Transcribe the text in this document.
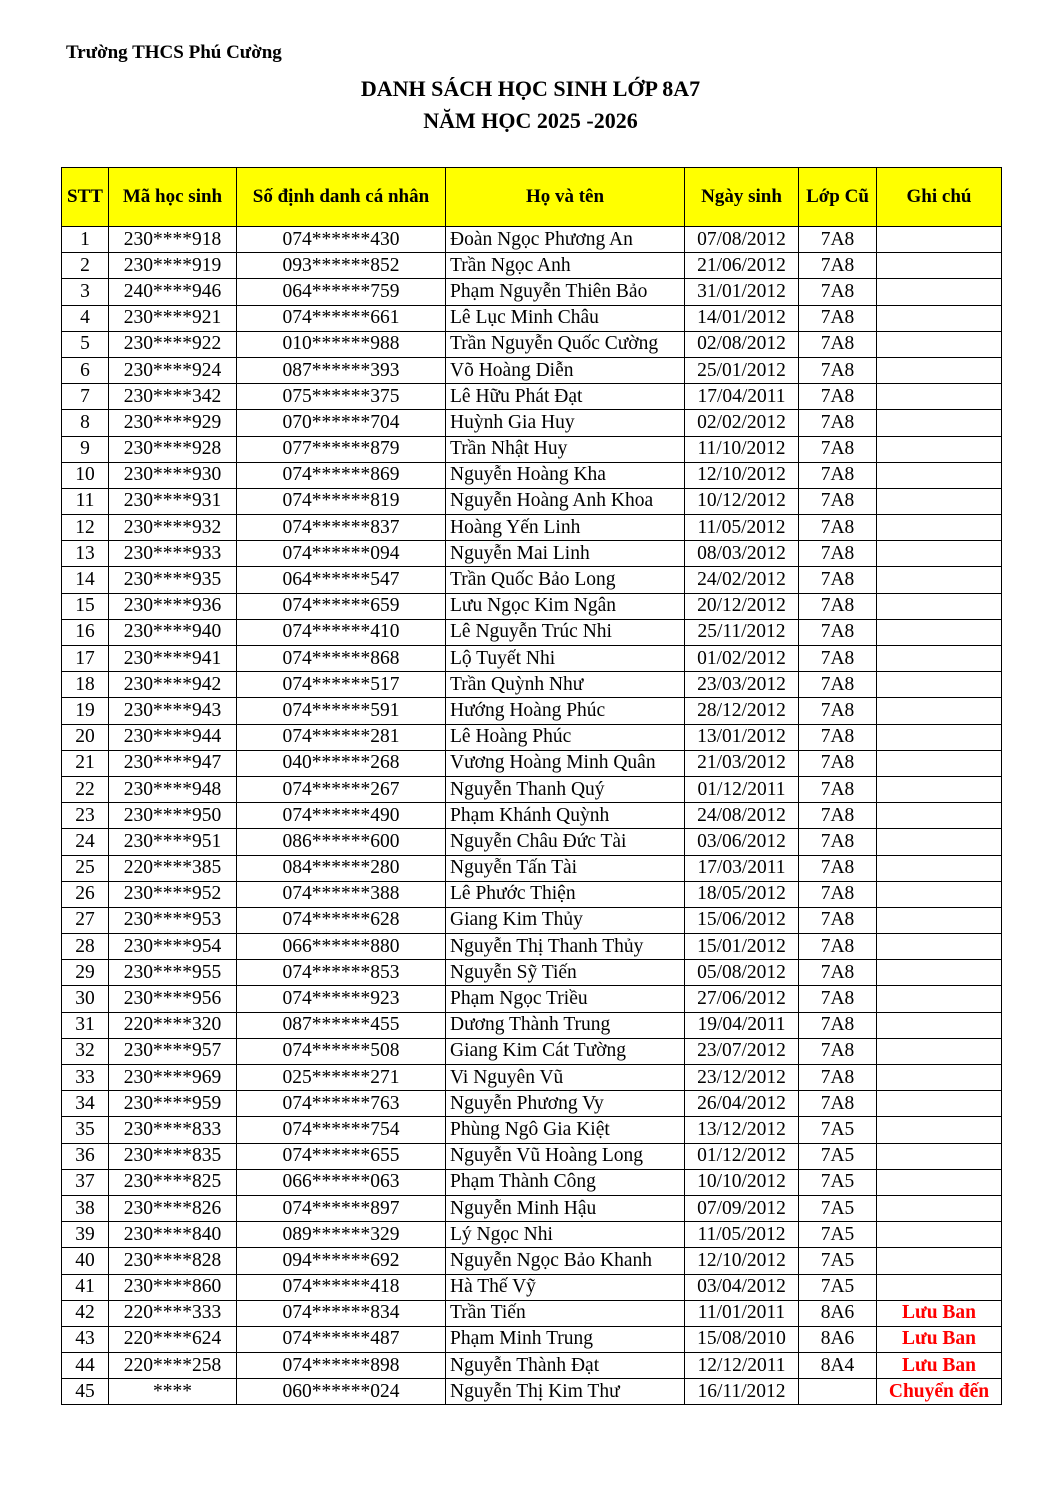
Trường THCS Phú Cường
DANH SÁCH HỌC SINH LỚP 8A7
NĂM HỌC 2025 -2026
STT	Mã học sinh	Số định danh cá nhân	Họ và tên	Ngày sinh	Lớp Cũ	Ghi chú
1	230****918	074******430	Đoàn Ngọc Phương An	07/08/2012	7A8	
2	230****919	093******852	Trần Ngọc Anh	21/06/2012	7A8	
3	240****946	064******759	Phạm Nguyễn Thiên Bảo	31/01/2012	7A8	
4	230****921	074******661	Lê Lục Minh Châu	14/01/2012	7A8	
5	230****922	010******988	Trần Nguyễn Quốc Cường	02/08/2012	7A8	
6	230****924	087******393	Võ Hoàng Diễn	25/01/2012	7A8	
7	230****342	075******375	Lê Hữu Phát Đạt	17/04/2011	7A8	
8	230****929	070******704	Huỳnh Gia Huy	02/02/2012	7A8	
9	230****928	077******879	Trần Nhật Huy	11/10/2012	7A8	
10	230****930	074******869	Nguyễn Hoàng Kha	12/10/2012	7A8	
11	230****931	074******819	Nguyễn Hoàng Anh Khoa	10/12/2012	7A8	
12	230****932	074******837	Hoàng Yến Linh	11/05/2012	7A8	
13	230****933	074******094	Nguyễn Mai Linh	08/03/2012	7A8	
14	230****935	064******547	Trần Quốc Bảo Long	24/02/2012	7A8	
15	230****936	074******659	Lưu Ngọc Kim Ngân	20/12/2012	7A8	
16	230****940	074******410	Lê Nguyễn Trúc Nhi	25/11/2012	7A8	
17	230****941	074******868	Lộ Tuyết Nhi	01/02/2012	7A8	
18	230****942	074******517	Trần Quỳnh Như	23/03/2012	7A8	
19	230****943	074******591	Hướng Hoàng Phúc	28/12/2012	7A8	
20	230****944	074******281	Lê Hoàng Phúc	13/01/2012	7A8	
21	230****947	040******268	Vương Hoàng Minh Quân	21/03/2012	7A8	
22	230****948	074******267	Nguyễn Thanh Quý	01/12/2011	7A8	
23	230****950	074******490	Phạm Khánh Quỳnh	24/08/2012	7A8	
24	230****951	086******600	Nguyễn Châu Đức Tài	03/06/2012	7A8	
25	220****385	084******280	Nguyễn Tấn Tài	17/03/2011	7A8	
26	230****952	074******388	Lê Phước Thiện	18/05/2012	7A8	
27	230****953	074******628	Giang Kim Thủy	15/06/2012	7A8	
28	230****954	066******880	Nguyễn Thị Thanh Thủy	15/01/2012	7A8	
29	230****955	074******853	Nguyễn Sỹ Tiến	05/08/2012	7A8	
30	230****956	074******923	Phạm Ngọc Triều	27/06/2012	7A8	
31	220****320	087******455	Dương Thành Trung	19/04/2011	7A8	
32	230****957	074******508	Giang Kim Cát Tường	23/07/2012	7A8	
33	230****969	025******271	Vi Nguyên Vũ	23/12/2012	7A8	
34	230****959	074******763	Nguyễn Phương Vy	26/04/2012	7A8	
35	230****833	074******754	Phùng Ngô Gia Kiệt	13/12/2012	7A5	
36	230****835	074******655	Nguyễn Vũ Hoàng Long	01/12/2012	7A5	
37	230****825	066******063	Phạm Thành Công	10/10/2012	7A5	
38	230****826	074******897	Nguyễn Minh Hậu	07/09/2012	7A5	
39	230****840	089******329	Lý Ngọc Nhi	11/05/2012	7A5	
40	230****828	094******692	Nguyễn Ngọc Bảo Khanh	12/10/2012	7A5	
41	230****860	074******418	Hà Thế Vỹ	03/04/2012	7A5	
42	220****333	074******834	Trần Tiến	11/01/2011	8A6	Lưu Ban
43	220****624	074******487	Phạm Minh Trung	15/08/2010	8A6	Lưu Ban
44	220****258	074******898	Nguyễn Thành Đạt	12/12/2011	8A4	Lưu Ban
45	****	060******024	Nguyễn Thị Kim Thư	16/11/2012		Chuyển đến
